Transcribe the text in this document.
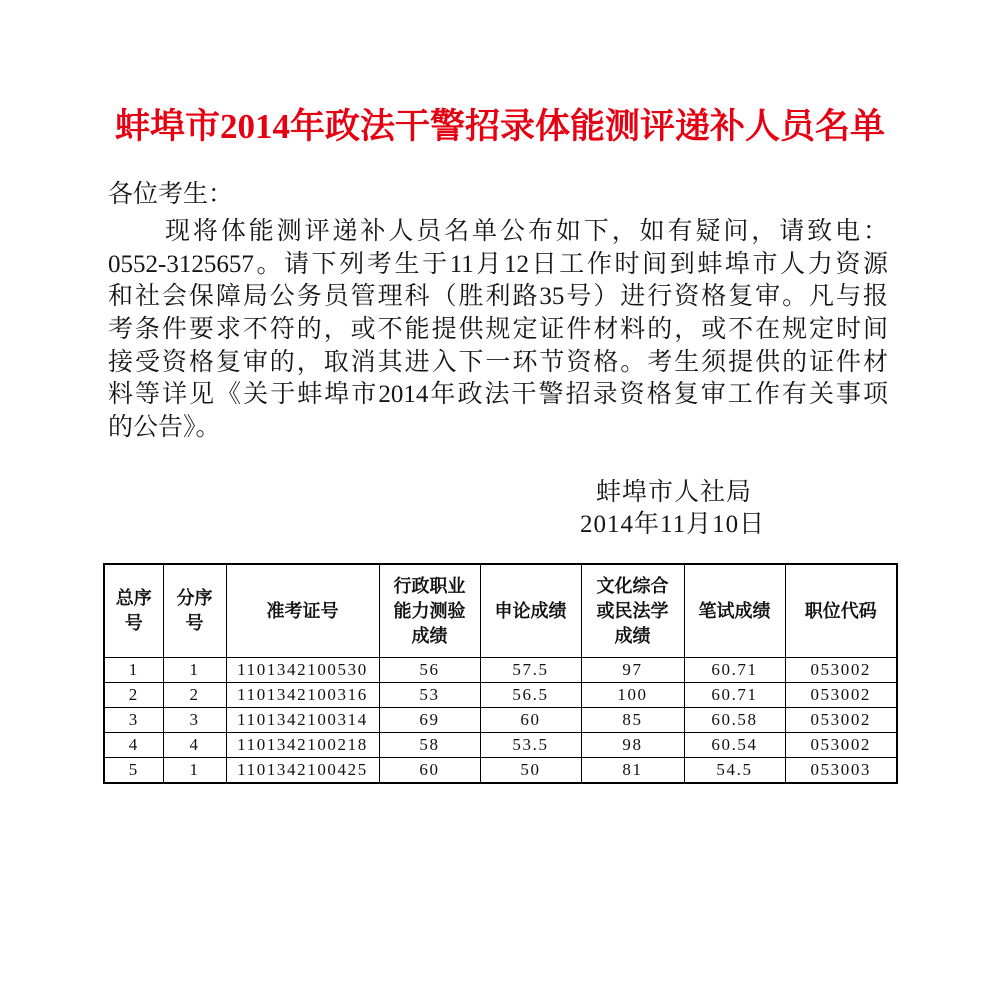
蚌埠市2014年政法干警招录体能测评递补人员名单
各位考生：
现将体能测评递补人员名单公布如下，如有疑问，请致电：
0552-3125657。请下列考生于11月12日工作时间到蚌埠市人力资源
和社会保障局公务员管理科（胜利路35号）进行资格复审。凡与报
考条件要求不符的，或不能提供规定证件材料的，或不在规定时间
接受资格复审的，取消其进入下一环节资格。考生须提供的证件材
料等详见《关于蚌埠市2014年政法干警招录资格复审工作有关事项
的公告》。
蚌埠市人社局
2014年11月10日
总序号	分序号	准考证号	行政职业能力测验成绩	申论成绩	文化综合或民法学成绩	笔试成绩	职位代码
1	1	1101342100530	56	57.5	97	60.71	053002
2	2	1101342100316	53	56.5	100	60.71	053002
3	3	1101342100314	69	60	85	60.58	053002
4	4	1101342100218	58	53.5	98	60.54	053002
5	1	1101342100425	60	50	81	54.5	053003
